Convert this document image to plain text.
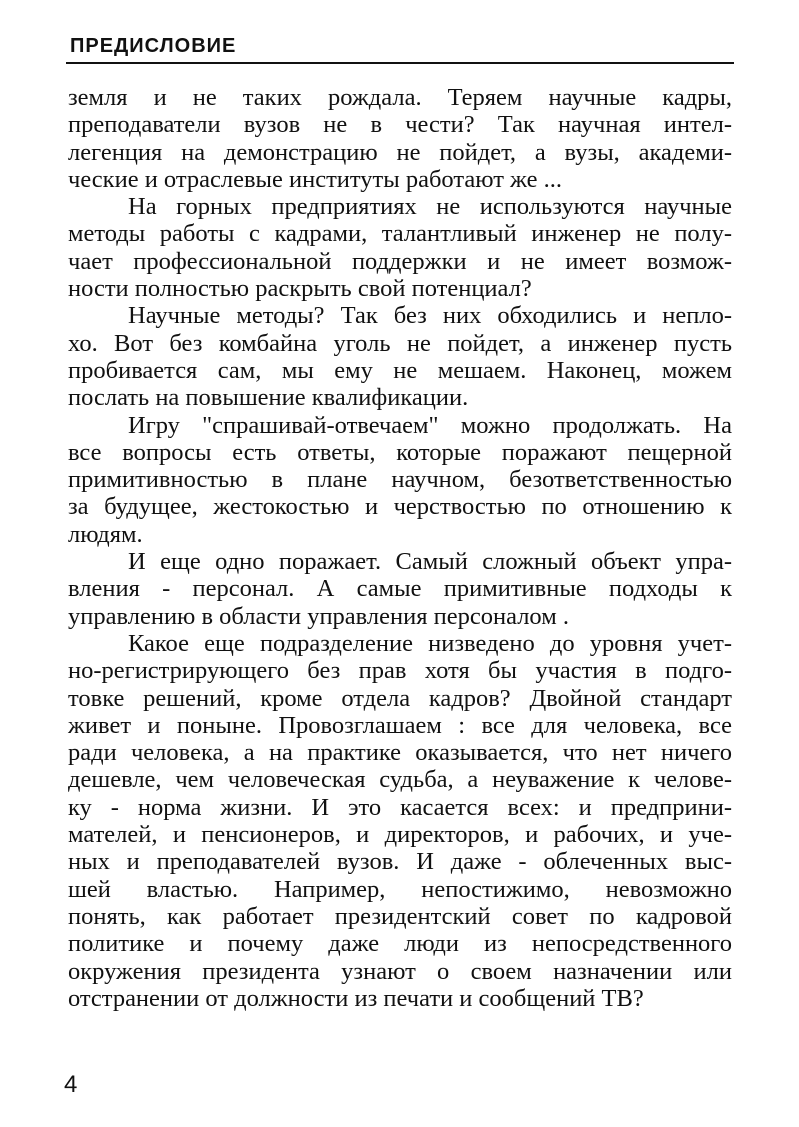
ПРЕДИСЛОВИЕ
земля и не таких рождала. Теряем научные кадры,
преподаватели вузов не в чести? Так научная интел-
легенция на демонстрацию не пойдет, а вузы, академи-
ческие и отраслевые институты работают же ...
На горных предприятиях не используются научные
методы работы с кадрами, талантливый инженер не полу-
чает профессиональной поддержки и не имеет возмож-
ности полностью раскрыть свой потенциал?
Научные методы? Так без них обходились и непло-
хо. Вот без комбайна уголь не пойдет, а инженер пусть
пробивается сам, мы ему не мешаем. Наконец, можем
послать на повышение квалификации.
Игру "спрашивай-отвечаем" можно продолжать. На
все вопросы есть ответы, которые поражают пещерной
примитивностью в плане научном, безответственностью
за будущее, жестокостью и черствостью по отношению к
людям.
И еще одно поражает. Самый сложный объект упра-
вления - персонал. А самые примитивные подходы к
управлению в области управления персоналом .
Какое еще подразделение низведено до уровня учет-
но-регистрирующего без прав хотя бы участия в подго-
товке решений, кроме отдела кадров? Двойной стандарт
живет и поныне. Провозглашаем : все для человека, все
ради человека, а на практике оказывается, что нет ничего
дешевле, чем человеческая судьба, а неуважение к челове-
ку - норма жизни. И это касается всех: и предприни-
мателей, и пенсионеров, и директоров, и рабочих, и уче-
ных и преподавателей вузов. И даже - облеченных выс-
шей властью. Например, непостижимо, невозможно
понять, как работает президентский совет по кадровой
политике и почему даже люди из непосредственного
окружения президента узнают о своем назначении или
отстранении от должности из печати и сообщений ТВ?
4
